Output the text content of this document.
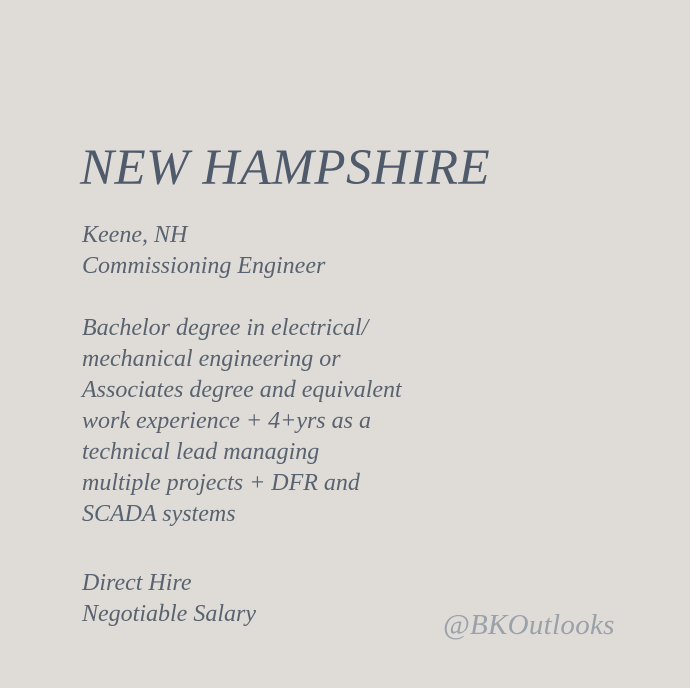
NEW HAMPSHIRE
Keene, NH
Commissioning Engineer
Bachelor degree in electrical/
mechanical engineering or
Associates degree and equivalent
work experience + 4+yrs as a
technical lead managing
multiple projects + DFR and
SCADA systems
Direct Hire
Negotiable Salary	@BKOutlooks
